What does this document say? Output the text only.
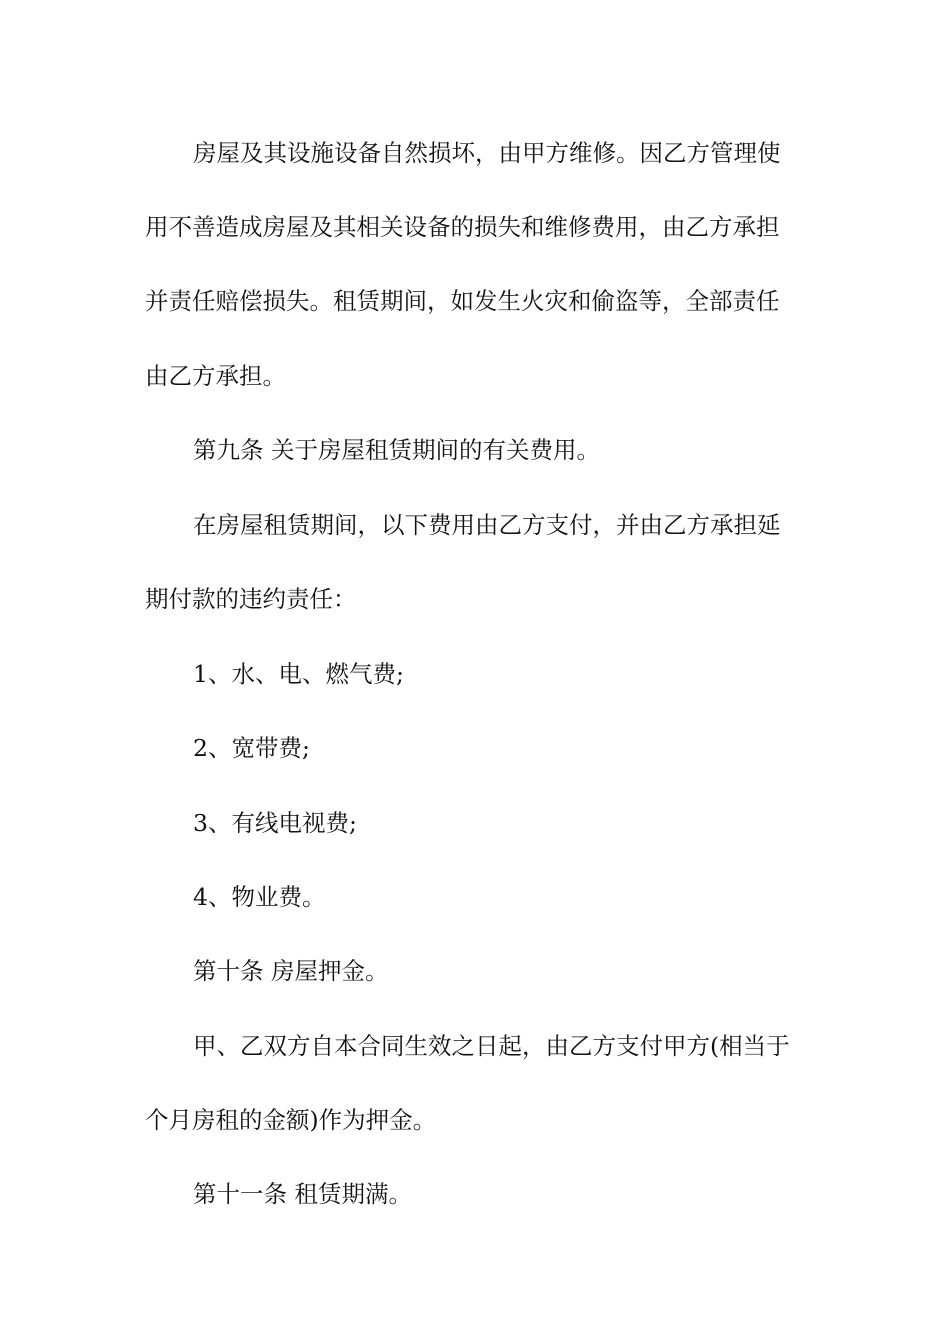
房屋及其设施设备自然损坏，由甲方维修。因乙方管理使

用不善造成房屋及其相关设备的损失和维修费用，由乙方承担

并责任赔偿损失。租赁期间，如发生火灾和偷盗等，全部责任

由乙方承担。

第九条 关于房屋租赁期间的有关费用。

在房屋租赁期间，以下费用由乙方支付，并由乙方承担延

期付款的违约责任：

1、水、电、燃气费;

2、宽带费;

3、有线电视费;

4、物业费。

第十条 房屋押金。

甲、乙双方自本合同生效之日起，由乙方支付甲方(相当于

个月房租的金额)作为押金。

第十一条 租赁期满。
